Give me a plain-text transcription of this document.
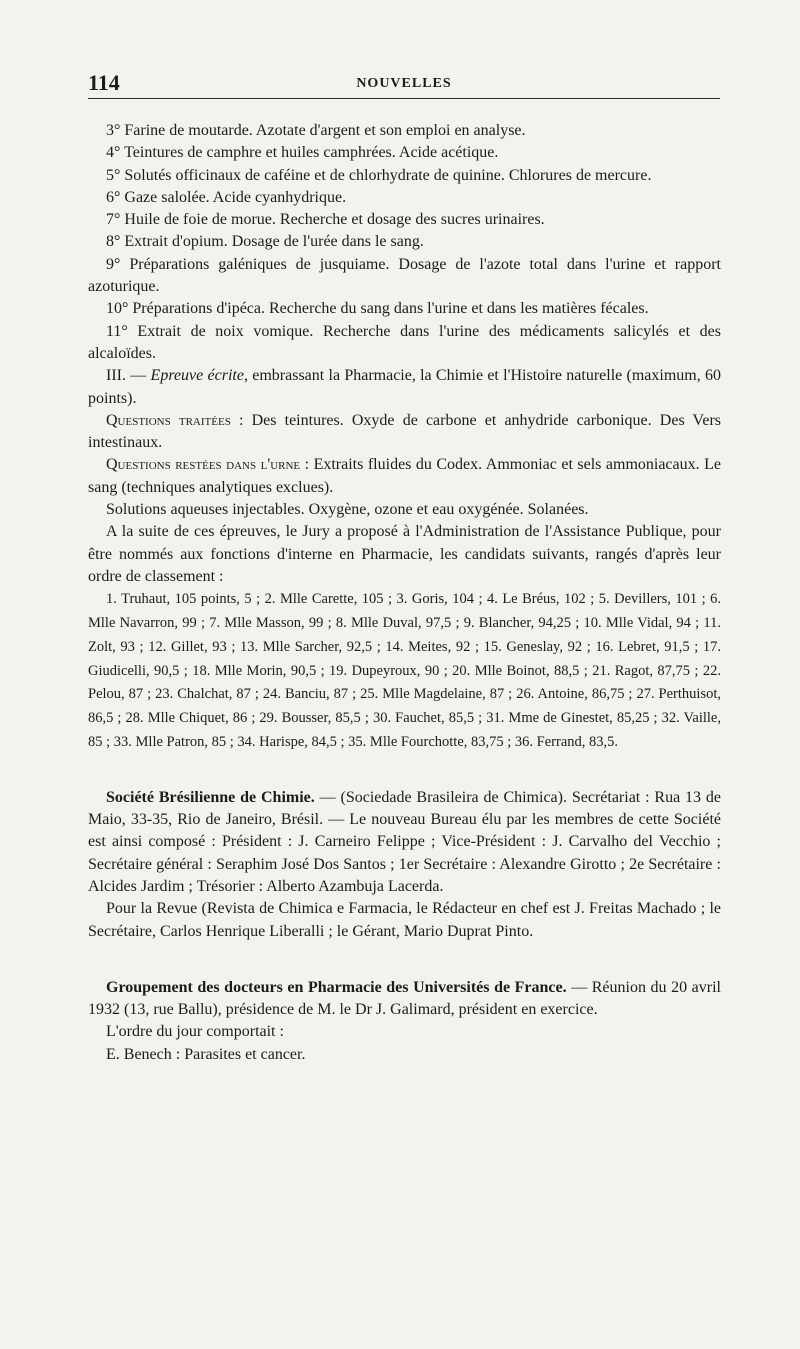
114	NOUVELLES

3° Farine de moutarde. Azotate d'argent et son emploi en analyse.

4° Teintures de camphre et huiles camphrées. Acide acétique.

5° Solutés officinaux de caféine et de chlorhydrate de quinine. Chlorures de mercure.

6° Gaze salolée. Acide cyanhydrique.

7° Huile de foie de morue. Recherche et dosage des sucres urinaires.

8° Extrait d'opium. Dosage de l'urée dans le sang.

9° Préparations galéniques de jusquiame. Dosage de l'azote total dans l'urine et rapport azoturique.

10° Préparations d'ipéca. Recherche du sang dans l'urine et dans les matières fécales.

11° Extrait de noix vomique. Recherche dans l'urine des médicaments salicylés et des alcaloïdes.

III. — Epreuve écrite, embrassant la Pharmacie, la Chimie et l'Histoire naturelle (maximum, 60 points).

Questions traitées : Des teintures. Oxyde de carbone et anhydride carbonique. Des Vers intestinaux.

Questions restées dans l'urne : Extraits fluides du Codex. Ammoniac et sels ammoniacaux. Le sang (techniques analytiques exclues).

Solutions aqueuses injectables. Oxygène, ozone et eau oxygénée. Solanées.

A la suite de ces épreuves, le Jury a proposé à l'Administration de l'Assistance Publique, pour être nommés aux fonctions d'interne en Pharmacie, les candidats suivants, rangés d'après leur ordre de classement :

1. Truhaut, 105 points, 5 ; 2. Mlle Carette, 105 ; 3. Goris, 104 ; 4. Le Bréus, 102 ; 5. Devillers, 101 ; 6. Mlle Navarron, 99 ; 7. Mlle Masson, 99 ; 8. Mlle Duval, 97,5 ; 9. Blancher, 94,25 ; 10. Mlle Vidal, 94 ; 11. Zolt, 93 ; 12. Gillet, 93 ; 13. Mlle Sarcher, 92,5 ; 14. Meites, 92 ; 15. Geneslay, 92 ; 16. Lebret, 91,5 ; 17. Giudicelli, 90,5 ; 18. Mlle Morin, 90,5 ; 19. Dupeyroux, 90 ; 20. Mlle Boinot, 88,5 ; 21. Ragot, 87,75 ; 22. Pelou, 87 ; 23. Chalchat, 87 ; 24. Banciu, 87 ; 25. Mlle Magdelaine, 87 ; 26. Antoine, 86,75 ; 27. Perthuisot, 86,5 ; 28. Mlle Chiquet, 86 ; 29. Bousser, 85,5 ; 30. Fauchet, 85,5 ; 31. Mme de Ginestet, 85,25 ; 32. Vaille, 85 ; 33. Mlle Patron, 85 ; 34. Harispe, 84,5 ; 35. Mlle Fourchotte, 83,75 ; 36. Ferrand, 83,5.

Société Brésilienne de Chimie. — (Sociedade Brasileira de Chimica). Secrétariat : Rua 13 de Maio, 33-35, Rio de Janeiro, Brésil. — Le nouveau Bureau élu par les membres de cette Société est ainsi composé : Président : J. Carneiro Felippe ; Vice-Président : J. Carvalho del Vecchio ; Secrétaire général : Seraphim José Dos Santos ; 1er Secrétaire : Alexandre Girotto ; 2e Secrétaire : Alcides Jardim ; Trésorier : Alberto Azambuja Lacerda.

Pour la Revue (Revista de Chimica e Farmacia, le Rédacteur en chef est J. Freitas Machado ; le Secrétaire, Carlos Henrique Liberalli ; le Gérant, Mario Duprat Pinto.

Groupement des docteurs en Pharmacie des Universités de France. — Réunion du 20 avril 1932 (13, rue Ballu), présidence de M. le Dr J. Galimard, président en exercice.

L'ordre du jour comportait :

E. Benech : Parasites et cancer.
